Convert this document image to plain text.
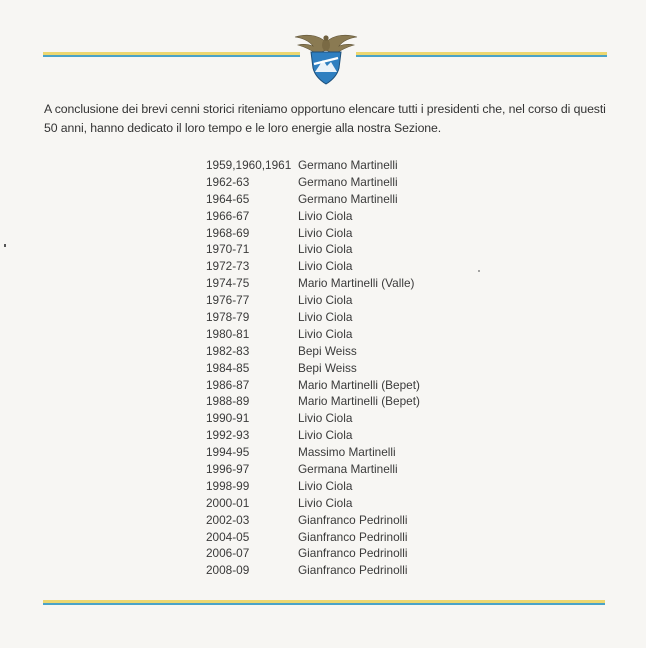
A conclusione dei brevi cenni storici riteniamo opportuno elencare tutti i presidenti che, nel corso di questi

50 anni, hanno dedicato il loro tempo e le loro energie alla nostra Sezione.

1959,1960,1961 Germano Martinelli
1962-63	Germano Martinelli
1964-65	Germano Martinelli
1966-67	Livio Ciola
1968-69	Livio Ciola
1970-71	Livio Ciola
1972-73	Livio Ciola
1974-75	Mario Martinelli (Valle)
1976-77	Livio Ciola
1978-79	Livio Ciola
1980-81	Livio Ciola
1982-83	Bepi Weiss
1984-85	Bepi Weiss
1986-87	Mario Martinelli (Bepet)
1988-89	Mario Martinelli (Bepet)
1990-91	Livio Ciola
1992-93	Livio Ciola
1994-95	Massimo Martinelli
1996-97	Germana Martinelli
1998-99	Livio Ciola
2000-01	Livio Ciola
2002-03	Gianfranco Pedrinolli
2004-05	Gianfranco Pedrinolli
2006-07	Gianfranco Pedrinolli
2008-09	Gianfranco Pedrinolli
